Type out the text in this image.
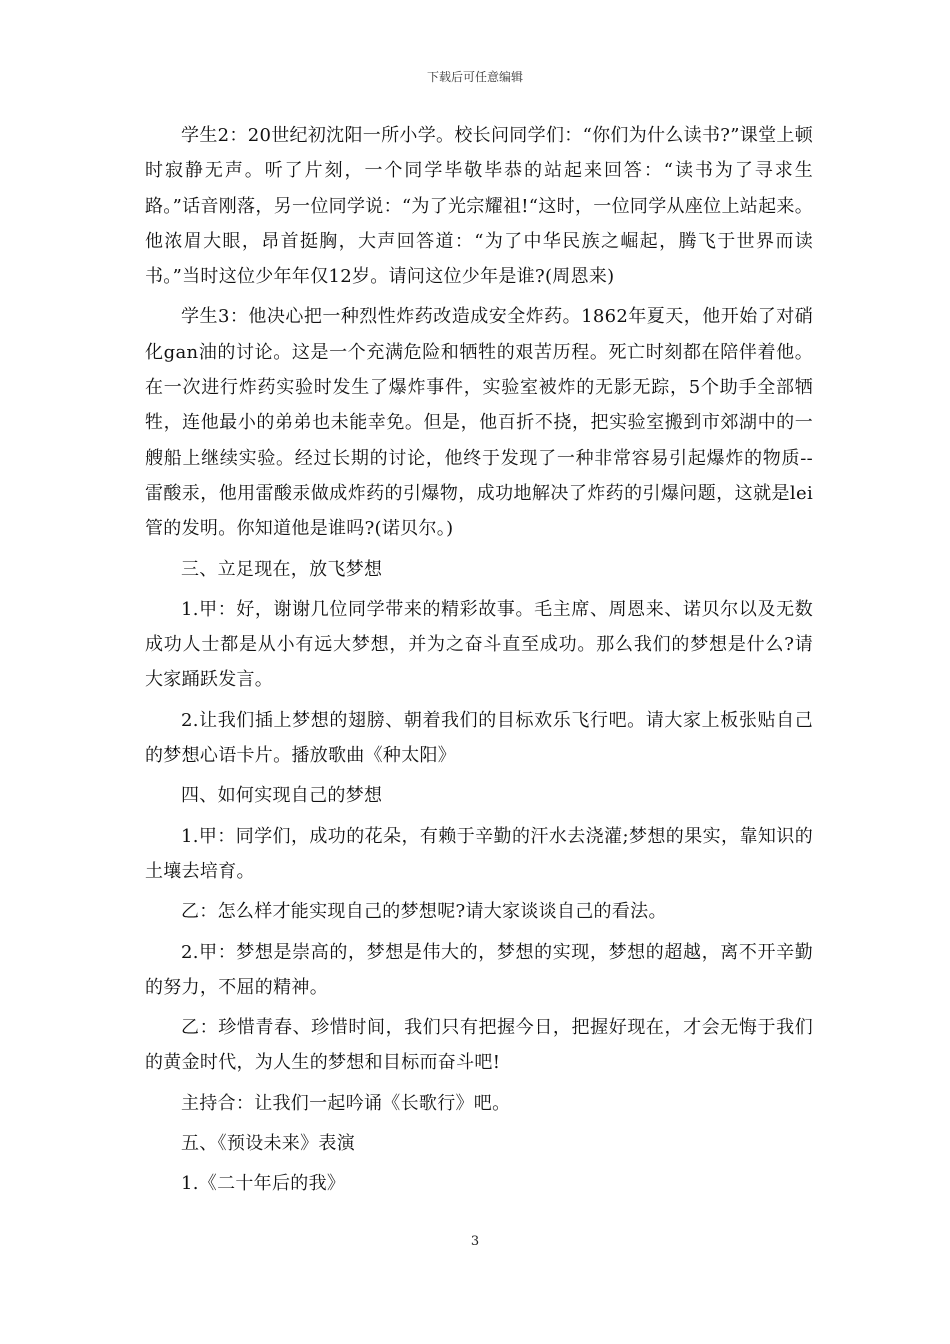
下载后可任意编辑

学生2：20世纪初沈阳一所小学。校长问同学们：“你们为什么读书?”课堂上顿时寂静无声。听了片刻，一个同学毕敬毕恭的站起来回答：“读书为了寻求生路。”话音刚落，另一位同学说：“为了光宗耀祖!“这时，一位同学从座位上站起来。他浓眉大眼，昂首挺胸，大声回答道：“为了中华民族之崛起，腾飞于世界而读书。”当时这位少年年仅12岁。请问这位少年是谁?(周恩来)

学生3：他决心把一种烈性炸药改造成安全炸药。1862年夏天，他开始了对硝化gan油的讨论。这是一个充满危险和牺牲的艰苦历程。死亡时刻都在陪伴着他。在一次进行炸药实验时发生了爆炸事件，实验室被炸的无影无踪，5个助手全部牺牲，连他最小的弟弟也未能幸免。但是，他百折不挠，把实验室搬到市郊湖中的一艘船上继续实验。经过长期的讨论，他终于发现了一种非常容易引起爆炸的物质--雷酸汞，他用雷酸汞做成炸药的引爆物，成功地解决了炸药的引爆问题，这就是lei管的发明。你知道他是谁吗?(诺贝尔。)

三、立足现在，放飞梦想

1.甲：好，谢谢几位同学带来的精彩故事。毛主席、周恩来、诺贝尔以及无数成功人士都是从小有远大梦想，并为之奋斗直至成功。那么我们的梦想是什么?请大家踊跃发言。

2.让我们插上梦想的翅膀、朝着我们的目标欢乐飞行吧。请大家上板张贴自己的梦想心语卡片。播放歌曲《种太阳》

四、如何实现自己的梦想

1.甲：同学们，成功的花朵，有赖于辛勤的汗水去浇灌;梦想的果实，靠知识的土壤去培育。

乙：怎么样才能实现自己的梦想呢?请大家谈谈自己的看法。

2.甲：梦想是崇高的，梦想是伟大的，梦想的实现，梦想的超越，离不开辛勤的努力，不屈的精神。

乙：珍惜青春、珍惜时间，我们只有把握今日，把握好现在，才会无悔于我们的黄金时代，为人生的梦想和目标而奋斗吧!

主持合：让我们一起吟诵《长歌行》吧。

五、《预设未来》表演

1.《二十年后的我》

3
